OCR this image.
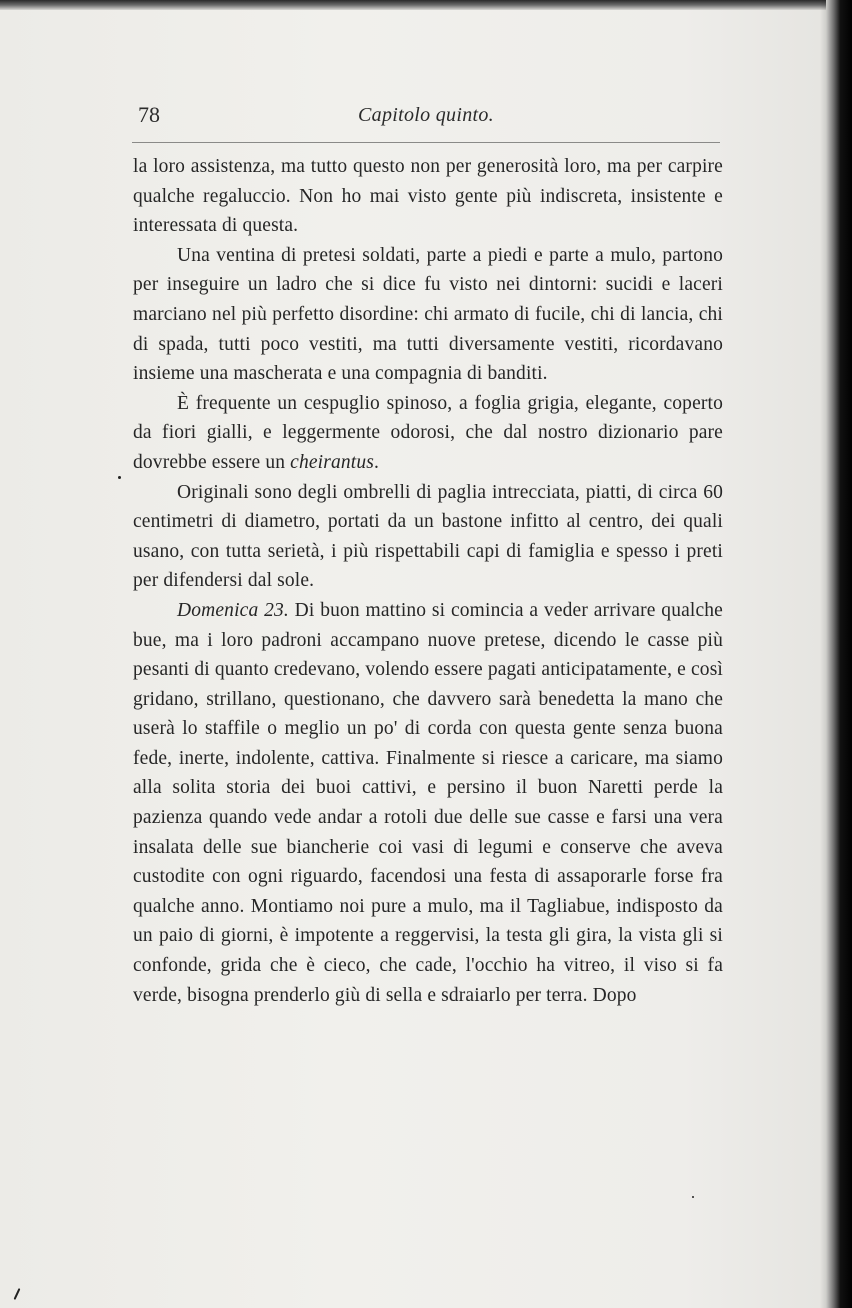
78	Capitolo quinto.

la loro assistenza, ma tutto questo non per generosità loro, ma per carpire qualche regaluccio. Non ho mai visto gente più indiscreta, insistente e interessata di questa.

Una ventina di pretesi soldati, parte a piedi e parte a mulo, partono per inseguire un ladro che si dice fu visto nei dintorni: sucidi e laceri marciano nel più perfetto disordine: chi armato di fucile, chi di lancia, chi di spada, tutti poco vestiti, ma tutti diversamente vestiti, ricordavano insieme una mascherata e una compagnia di banditi.

È frequente un cespuglio spinoso, a foglia grigia, elegante, coperto da fiori gialli, e leggermente odorosi, che dal nostro dizionario pare dovrebbe essere un cheirantus.

Originali sono degli ombrelli di paglia intrecciata, piatti, di circa 60 centimetri di diametro, portati da un bastone infitto al centro, dei quali usano, con tutta serietà, i più rispettabili capi di famiglia e spesso i preti per difendersi dal sole.

Domenica 23. Di buon mattino si comincia a veder arrivare qualche bue, ma i loro padroni accampano nuove pretese, dicendo le casse più pesanti di quanto credevano, volendo essere pagati anticipatamente, e così gridano, strillano, questionano, che davvero sarà benedetta la mano che userà lo staffile o meglio un po' di corda con questa gente senza buona fede, inerte, indolente, cattiva. Finalmente si riesce a caricare, ma siamo alla solita storia dei buoi cattivi, e persino il buon Naretti perde la pazienza quando vede andar a rotoli due delle sue casse e farsi una vera insalata delle sue biancherie coi vasi di legumi e conserve che aveva custodite con ogni riguardo, facendosi una festa di assaporarle forse fra qualche anno. Montiamo noi pure a mulo, ma il Tagliabue, indisposto da un paio di giorni, è impotente a reggervisi, la testa gli gira, la vista gli si confonde, grida che è cieco, che cade, l'occhio ha vitreo, il viso si fa verde, bisogna prenderlo giù di sella e sdraiarlo per terra. Dopo
